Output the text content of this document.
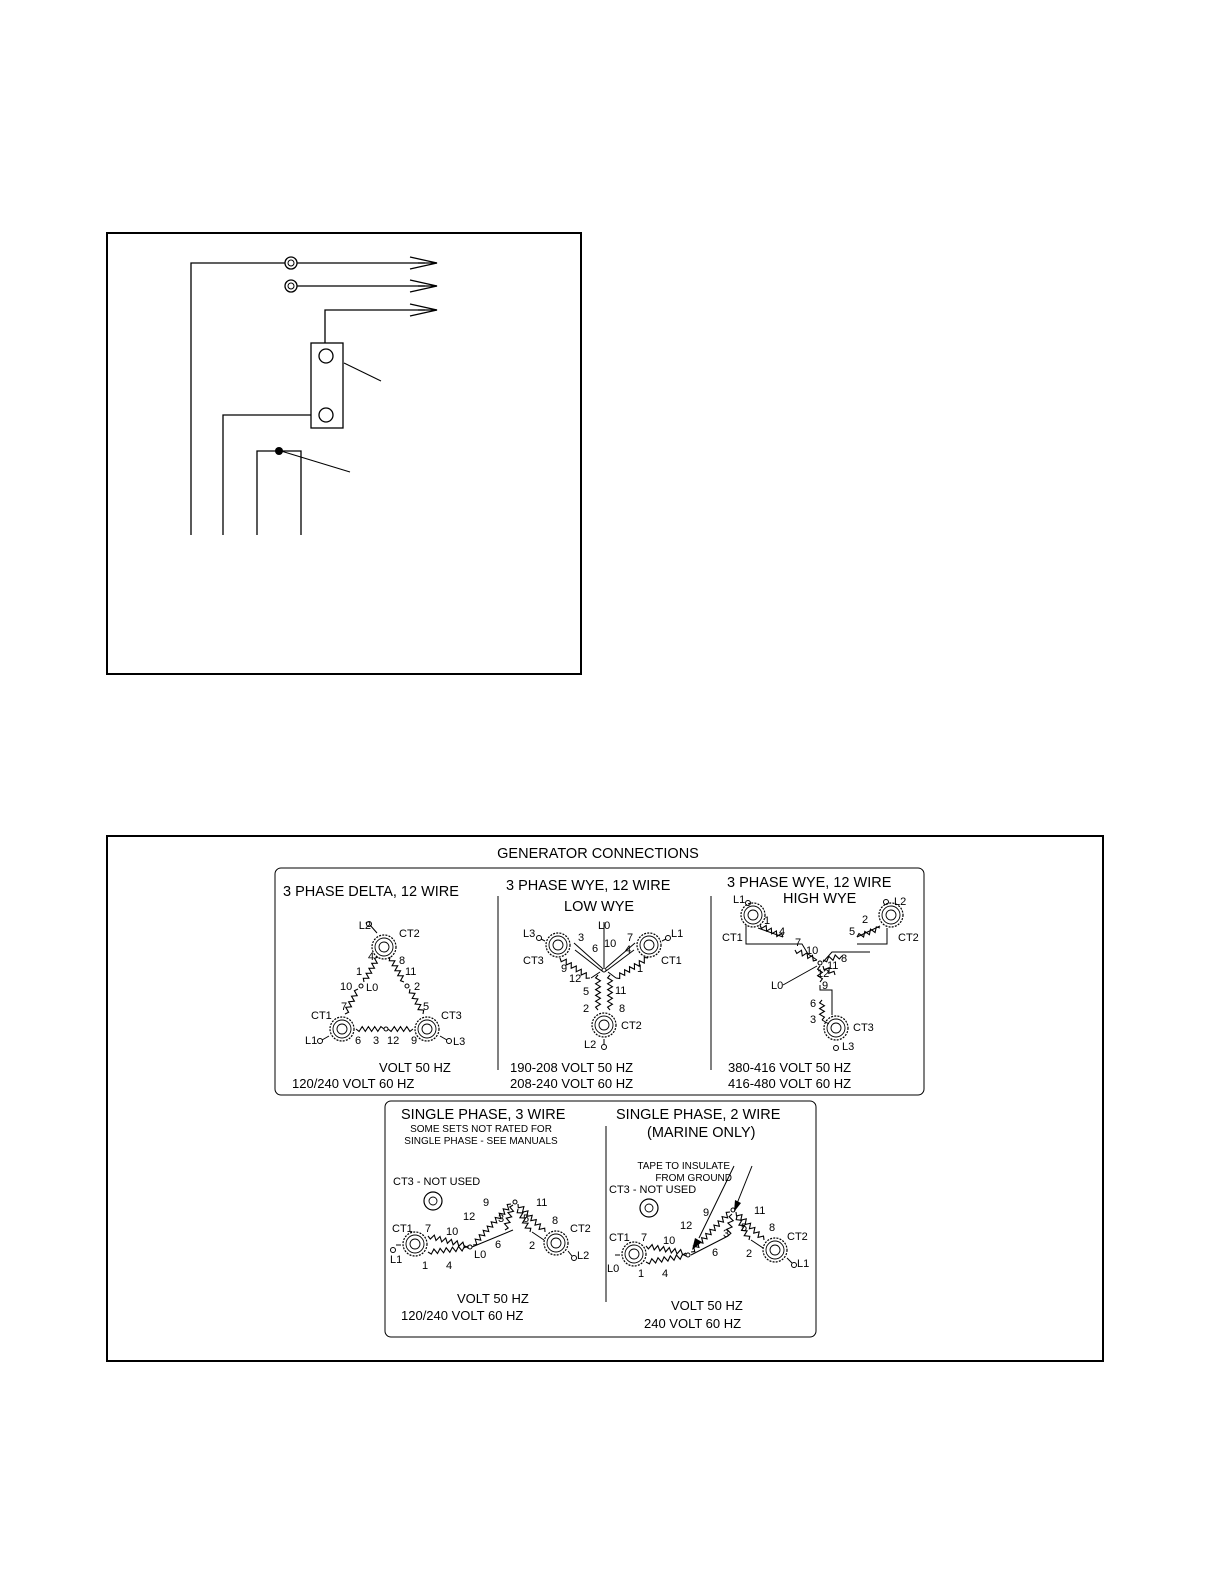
GENERATOR CONNECTIONS
3 PHASE DELTA, 12 WIRE
L2
CT2
4 8
1	11
10 L0	2
7	5
CT1	CT3
L1	6 3 12 9	L3
VOLT 50 HZ
120/240 VOLT 60 HZ
3 PHASE WYE, 12 WIRE
LOW WYE
L3
L0
L1
3 10 7
6 4
CT3	CT1
9	1
12
11
5
2	8
CT2
L2
190-208 VOLT 50 HZ
208-240 VOLT 60 HZ
3 PHASE WYE, 12 WIRE
HIGH WYE
L1	L2
1	2
4	5
CT1	CT2
7
10
8
11
12
L0	9
6
3
CT3
L3
380-416 VOLT 50 HZ
416-480 VOLT 60 HZ
SINGLE PHASE, 3 WIRE
SOME SETS NOT RATED FOR
SINGLE PHASE - SEE MANUALS
CT3 - NOT USED
CT1 7 10
9	11
12 3 5 8
CT2
6	2
L1	L0	L2
1 4
VOLT 50 HZ
120/240 VOLT 60 HZ
SINGLE PHASE, 2 WIRE
(MARINE ONLY)
TAPE TO INSULATE
FROM GROUND
CT3 - NOT USED
CT1 7 10
9	11
12
3 5 8
CT2
6	2
L0 1 4
L1
VOLT 50 HZ
240 VOLT 60 HZ
